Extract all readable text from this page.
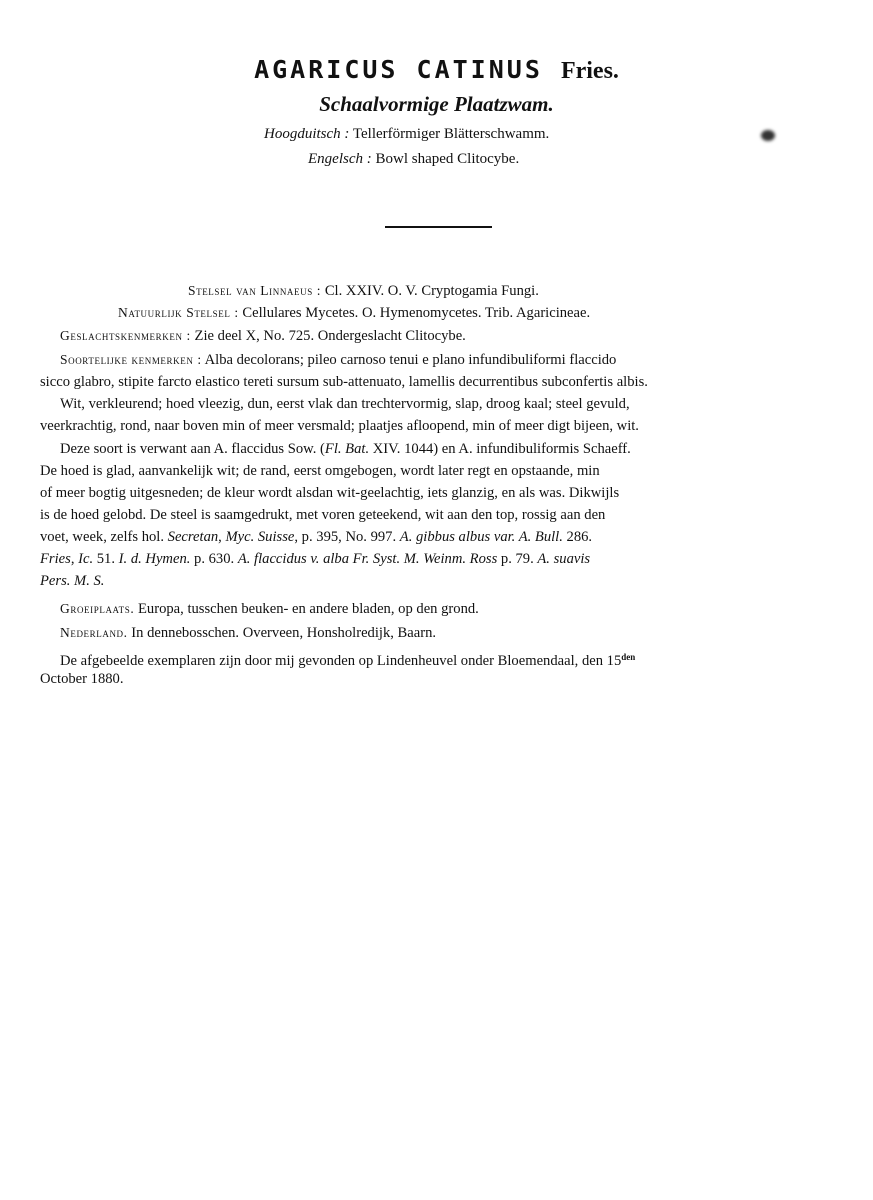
AGARICUS CATINUS Fries.
Schaalvormige Plaatzwam.
Hoogduitsch : Tellerförmiger Blätterschwamm.
Engelsch : Bowl shaped Clitocybe.
Stelsel van Linnaeus : Cl. XXIV. O. V. Cryptogamia Fungi.
Natuurlijk Stelsel : Cellulares Mycetes. O. Hymenomycetes. Trib. Agaricineae.
Geslachtskenmerken : Zie deel X, No. 725. Ondergeslacht Clitocybe.
Soortelijke kenmerken : Alba decolorans; pileo carnoso tenui e plano infundibuliformi flaccido
sicco glabro, stipite farcto elastico tereti sursum sub-attenuato, lamellis decurrentibus subconfertis albis.
Wit, verkleurend; hoed vleezig, dun, eerst vlak dan trechtervormig, slap, droog kaal; steel gevuld,
veerkrachtig, rond, naar boven min of meer versmald; plaatjes afloopend, min of meer digt bijeen, wit.
Deze soort is verwant aan A. flaccidus Sow. (Fl. Bat. XIV. 1044) en A. infundibuliformis Schaeff.
De hoed is glad, aanvankelijk wit; de rand, eerst omgebogen, wordt later regt en opstaande, min
of meer bogtig uitgesneden; de kleur wordt alsdan wit-geelachtig, iets glanzig, en als was. Dikwijls
is de hoed gelobd. De steel is saamgedrukt, met voren geteekend, wit aan den top, rossig aan den
voet, week, zelfs hol. Secretan, Myc. Suisse, p. 395, No. 997. A. gibbus albus var. A. Bull. 286.
Fries, Ic. 51. I. d. Hymen. p. 630. A. flaccidus v. alba Fr. Syst. M. Weinm. Ross p. 79. A. suavis
Pers. M. S.
Groeiplaats. Europa, tusschen beuken- en andere bladen, op den grond.
Nederland. In dennebosschen. Overveen, Honsholredijk, Baarn.
De afgebeelde exemplaren zijn door mij gevonden op Lindenheuvel onder Bloemendaal, den $15^{den}$
October 1880.
